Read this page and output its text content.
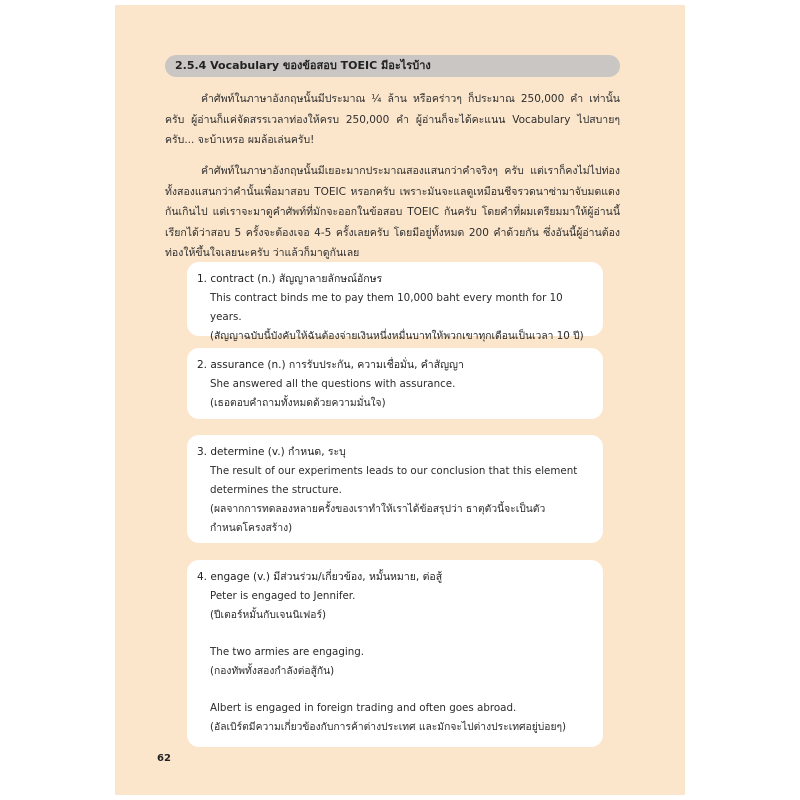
2.5.4 Vocabulary ของข้อสอบ TOEIC มีอะไรบ้าง
คำศัพท์ในภาษาอังกฤษนั้นมีประมาณ ¼ ล้าน หรือคร่าวๆ ก็ประมาณ 250,000 คำ เท่านั้นครับ ผู้อ่านก็แค่จัดสรรเวลาท่องให้ครบ 250,000 คำ ผู้อ่านก็จะได้คะแนน Vocabulary ไปสบายๆ ครับ... จะบ้าเหรอ ผมล้อเล่นครับ!
คำศัพท์ในภาษาอังกฤษนั้นมีเยอะมากประมาณสองแสนกว่าคำจริงๆ ครับ แต่เราก็คงไม่ไปท่องทั้งสองแสนกว่าคำนั้นเพื่อมาสอบ TOEIC หรอกครับ เพราะมันจะแลดูเหมือนชีจรวดนาซ่ามาจับมดแดงกันเกินไป แต่เราจะมาดูคำศัพท์ที่มักจะออกในข้อสอบ TOEIC กันครับ โดยคำที่ผมเตรียมมาให้ผู้อ่านนี้เรียกได้ว่าสอบ 5 ครั้งจะต้องเจอ 4-5 ครั้งเลยครับ โดยมีอยู่ทั้งหมด 200 คำด้วยกัน ซึ่งอันนี้ผู้อ่านต้องท่องให้ขึ้นใจเลยนะครับ ว่าแล้วก็มาดูกันเลย
1. contract (n.) สัญญาลายลักษณ์อักษร
This contract binds me to pay them 10,000 baht every month for 10 years.
(สัญญาฉบับนี้บังคับให้ฉันต้องจ่ายเงินหนึ่งหมื่นบาทให้พวกเขาทุกเดือนเป็นเวลา 10 ปี)
2. assurance (n.) การรับประกัน, ความเชื่อมั่น, คำสัญญา
She answered all the questions with assurance.
(เธอตอบคำถามทั้งหมดด้วยความมั่นใจ)
3. determine (v.) กำหนด, ระบุ
The result of our experiments leads to our conclusion that this element
determines the structure.
(ผลจากการทดลองหลายครั้งของเราทำให้เราได้ข้อสรุปว่า ธาตุตัวนี้จะเป็นตัว
กำหนดโครงสร้าง)
4. engage (v.) มีส่วนร่วม/เกี่ยวข้อง, หมั้นหมาย, ต่อสู้
Peter is engaged to Jennifer.
(ปีเตอร์หมั้นกับเจนนิเฟอร์)
The two armies are engaging.
(กองทัพทั้งสองกำลังต่อสู้กัน)
Albert is engaged in foreign trading and often goes abroad.
(อัลเบิร์ตมีความเกี่ยวข้องกับการค้าต่างประเทศ และมักจะไปต่างประเทศอยู่บ่อยๆ)
62
